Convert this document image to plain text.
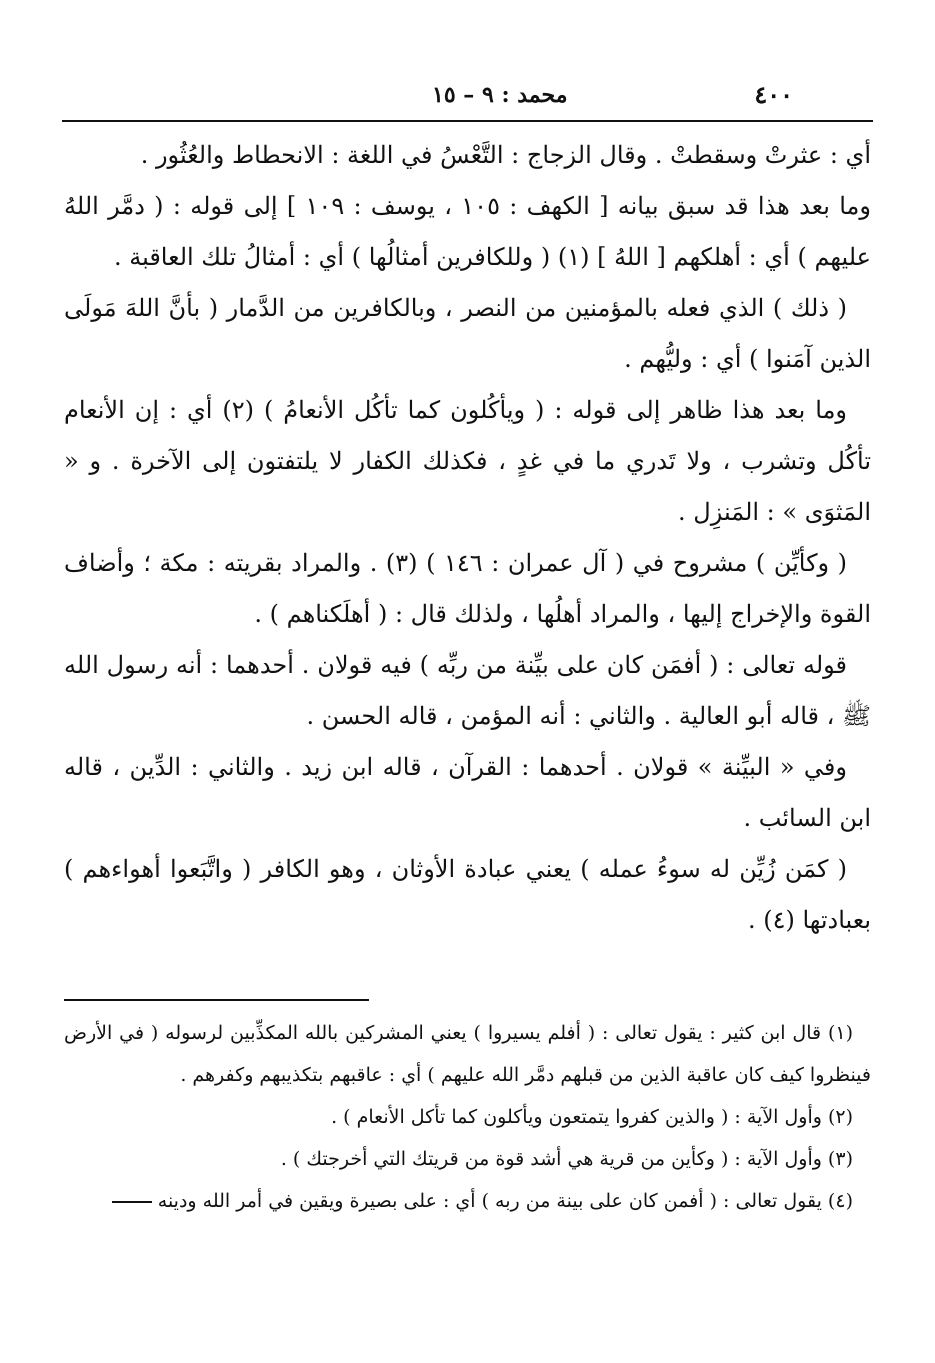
٤٠٠
محمد : ٩ – ١٥

أي : عثرتْ وسقطتْ . وقال الزجاج : التَّعْسُ في اللغة : الانحطاط والعُثُور .

وما بعد هذا قد سبق بيانه [ الكهف : ١٠٥ ، يوسف : ١٠٩ ] إلى قوله : ( دمَّر اللهُ عليهم ) أي : أهلكهم [ اللهُ ] (١) ( وللكافرين أمثالُها ) أي : أمثالُ تلك العاقبة .

( ذلك ) الذي فعله بالمؤمنين من النصر ، وبالكافرين من الدَّمار ( بأنَّ اللهَ مَولَى الذين آمَنوا ) أي : وليُّهم .

وما بعد هذا ظاهر إلى قوله : ( ويأكُلون كما تأكُل الأنعامُ ) (٢) أي : إن الأنعام تأكُل وتشرب ، ولا تَدري ما في غدٍ ، فكذلك الكفار لا يلتفتون إلى الآخرة . و « المَثوَى » : المَنزِل .

( وكأيِّن ) مشروح في ( آل عمران : ١٤٦ ) (٣) . والمراد بقريته : مكة ؛ وأضاف القوة والإخراج إليها ، والمراد أهلُها ، ولذلك قال : ( أهلَكناهم ) .

قوله تعالى : ( أفمَن كان على بيِّنة من ربِّه ) فيه قولان . أحدهما : أنه رسول الله ﷺ ، قاله أبو العالية . والثاني : أنه المؤمن ، قاله الحسن .

وفي « البيِّنة » قولان . أحدهما : القرآن ، قاله ابن زيد . والثاني : الدِّين ، قاله ابن السائب .

( كمَن زُيِّن له سوءُ عمله ) يعني عبادة الأوثان ، وهو الكافر ( واتَّبَعوا أهواءهم ) بعبادتها (٤) .

(١) قال ابن كثير : يقول تعالى : ( أفلم يسيروا ) يعني المشركين بالله المكذِّبين لرسوله ( في الأرض فينظروا كيف كان عاقبة الذين من قبلهم دمَّر الله عليهم ) أي : عاقبهم بتكذيبهم وكفرهم .

(٢) وأول الآية : ( والذين كفروا يتمتعون ويأكلون كما تأكل الأنعام ) .

(٣) وأول الآية : ( وكأين من قرية هي أشد قوة من قريتك التي أخرجتك ) .

(٤) يقول تعالى : ( أفمن كان على بينة من ربه ) أي : على بصيرة ويقين في أمر الله ودينه
